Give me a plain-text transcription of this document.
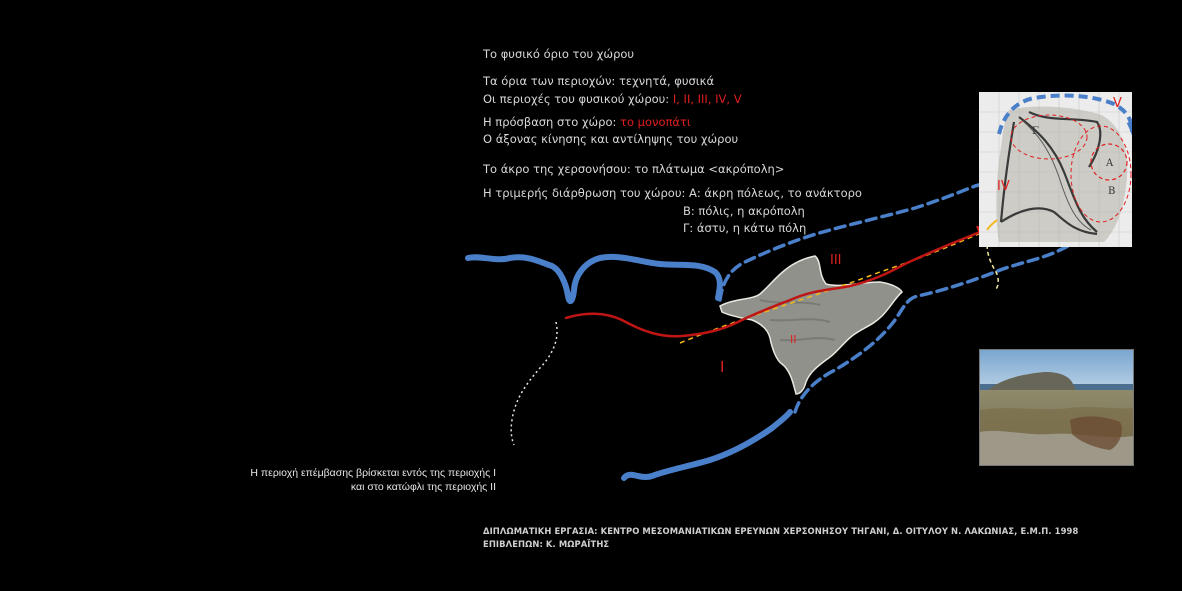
Το φυσικό όριο του χώρου
Τα όρια των περιοχών: τεχνητά, φυσικά
Οι περιοχές του φυσικού χώρου: I, II, III, IV, V
Η πρόσβαση στο χώρο: το μονοπάτι
Ο άξονας κίνησης και αντίληψης του χώρου
Το άκρο της χερσονήσου: το πλάτωμα <ακρόπολη>
Η τριμερής διάρθρωση του χώρου: Α: άκρη πόλεως, το ανάκτορο
Β: πόλις, η ακρόπολη
Γ: άστυ, η κάτω πόλη
I
II
III
Γ
Α
Β
IV
V
Η περιοχή επέμβασης βρίσκεται εντός της περιοχής I
και στο κατώφλι της περιοχής II
ΔΙΠΛΩΜΑΤΙΚΗ ΕΡΓΑΣΙΑ: ΚΕΝΤΡΟ ΜΕΣΟΜΑΝΙΑΤΙΚΩΝ ΕΡΕΥΝΩΝ ΧΕΡΣΟΝΗΣΟΥ ΤΗΓΑΝΙ, Δ. ΟΙΤΥΛΟΥ Ν. ΛΑΚΩΝΙΑΣ, Ε.Μ.Π. 1998
ΕΠΙΒΛΕΠΩΝ: Κ. ΜΩΡΑΪΤΗΣ
